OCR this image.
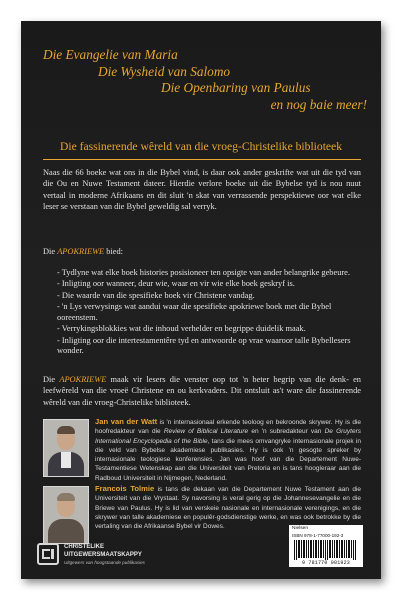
Die Evangelie van Maria
Die Wysheid van Salomo
Die Openbaring van Paulus
en nog baie meer!
Die fassinerende wêreld van die vroeg-Christelike biblioteek
Naas die 66 boeke wat ons in die Bybel vind, is daar ook ander geskrifte wat uit die tyd van die Ou en Nuwe Testament dateer. Hierdie verlore boeke uit die Bybelse tyd is nou nuut vertaal in moderne Afrikaans en dit sluit 'n skat van verrassende perspektiewe oor wat elke leser se verstaan van die Bybel geweldig sal verryk.
Die APOKRIEWE bied:
- Tydlyne wat elke boek histories posisioneer ten opsigte van ander belangrike gebeure.
- Inligting oor wanneer, deur wie, waar en vir wie elke boek geskryf is.
- Die waarde van die spesifieke boek vir Christene vandag.
- 'n Lys verwysings wat aandui waar die spesifieke apokriewe boek met die Bybel ooreenstem.
- Verrykingsblokkies wat die inhoud verhelder en begrippe duidelik maak.
- Inligting oor die intertestamentêre tyd en antwoorde op vrae waaroor talle Bybellesers wonder.
Die APOKRIEWE maak vir lesers die venster oop tot 'n beter begrip van die denk- en leefwêreld van die vroeë Christene en ou kerkvaders. Dit ontsluit as't ware die fassinerende wêreld van die vroeg-Christelike biblioteek.
Jan van der Watt is 'n internasionaal erkende teoloog en bekroonde skrywer. Hy is die hoofredakteur van die Review of Biblical Literature en 'n subredakteur van De Gruyters International Encyclopedia of the Bible, tans die mees omvangryke internasionale projek in die veld van Bybelse akademiese publikasies. Hy is ook 'n gesogte spreker by internasionale teologiese konferensies. Jan was hoof van die Departement Nuwe-Testamentiese Wetenskap aan die Universiteit van Pretoria en is tans hoogleraar aan die Radboud Universiteit in Nijmegen, Nederland.
Francois Tolmie is tans die dekaan van die Departement Nuwe Testament aan die Universiteit van die Vrystaat. Sy navorsing is veral gerig op die Johannesevangelie en die Briewe van Paulus. Hy is lid van verskeie nasionale en internasionale verenigings, en die skrywer van talle akademiese en populêr-godsdienstige werke, en was ook betrokke by die vertaling van die Afrikaanse Bybel vir Dowes.
CHRISTELIKE
UITGEWERSMAATSKAPPY
Uitgewers van hoogstaande publikasies
Nielsen
ISBN 978-1-77000-192-3
9 781770 001923
